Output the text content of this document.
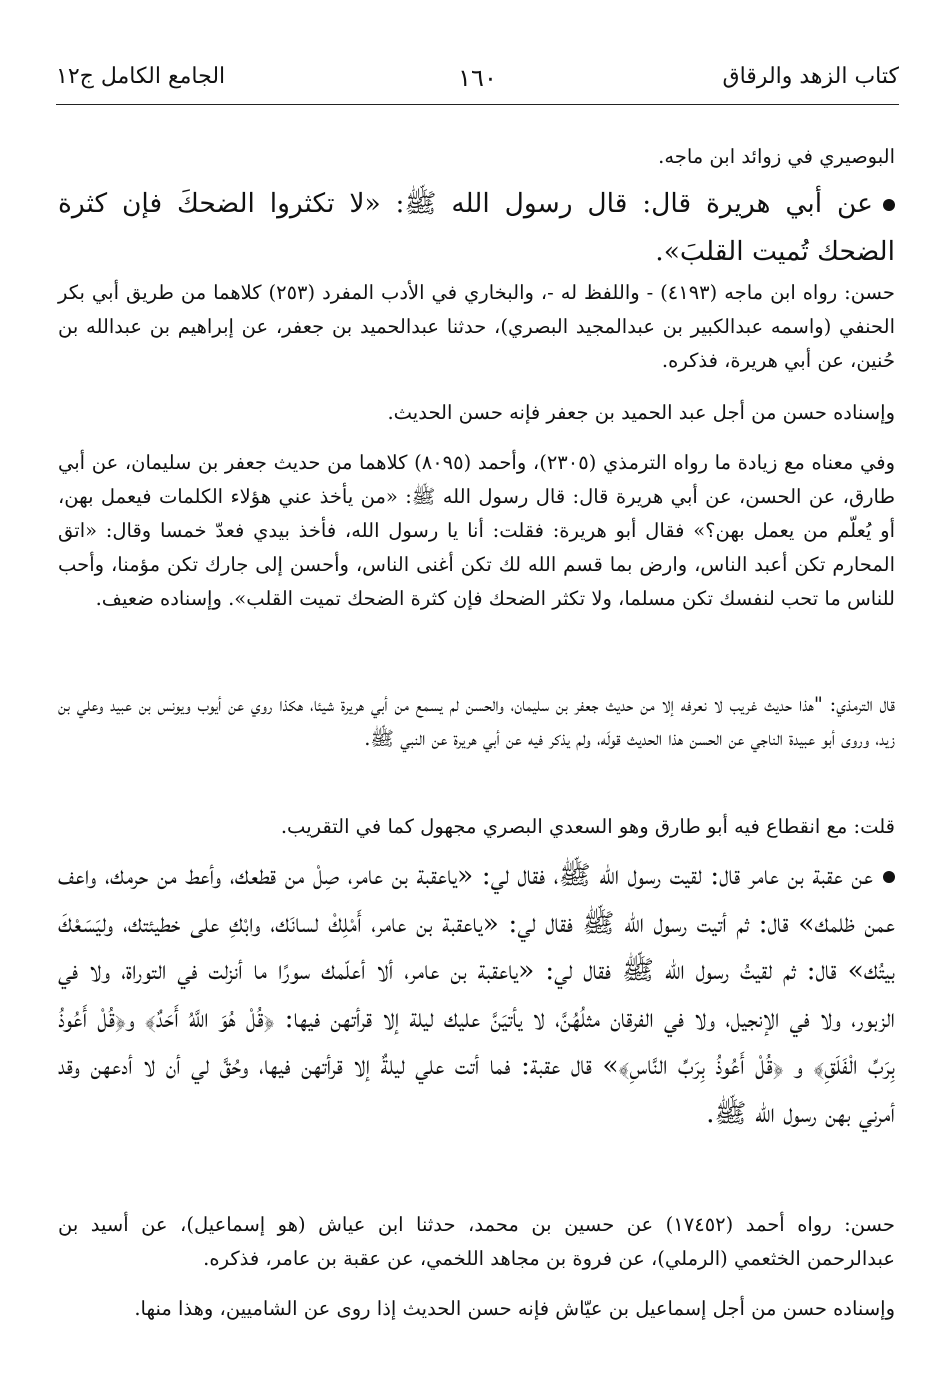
كتاب الزهد والرقاق
١٦٠
الجامع الكامل ج١٢
البوصيري في زوائد ابن ماجه.
عن أبي هريرة قال: قال رسول الله ﷺ: «لا تكثروا الضحكَ فإن كثرة الضحك تُميت القلبَ».
حسن: رواه ابن ماجه (٤١٩٣) - واللفظ له -، والبخاري في الأدب المفرد (٢٥٣) كلاهما من طريق أبي بكر الحنفي (واسمه عبدالكبير بن عبدالمجيد البصري)، حدثنا عبدالحميد بن جعفر، عن إبراهيم بن عبدالله بن حُنين، عن أبي هريرة، فذكره.
وإسناده حسن من أجل عبد الحميد بن جعفر فإنه حسن الحديث.
وفي معناه مع زيادة ما رواه الترمذي (٢٣٠٥)، وأحمد (٨٠٩٥) كلاهما من حديث جعفر بن سليمان، عن أبي طارق، عن الحسن، عن أبي هريرة قال: قال رسول الله ﷺ: «من يأخذ عني هؤلاء الكلمات فيعمل بهن، أو يُعلّم من يعمل بهن؟» فقال أبو هريرة: فقلت: أنا يا رسول الله، فأخذ بيدي فعدّ خمسا وقال: «اتق المحارم تكن أعبد الناس، وارض بما قسم الله لك تكن أغنى الناس، وأحسن إلى جارك تكن مؤمنا، وأحب للناس ما تحب لنفسك تكن مسلما، ولا تكثر الضحك فإن كثرة الضحك تميت القلب». وإسناده ضعيف.
قال الترمذي: "هذا حديث غريب لا نعرفه إلا من حديث جعفر بن سليمان، والحسن لم يسمع من أبي هريرة شيئا، هكذا روي عن أيوب ويونس بن عبيد وعلي بن زيد، وروى أبو عبيدة الناجي عن الحسن هذا الحديث قولَه، ولم يذكر فيه عن أبي هريرة عن النبي ﷺ.
قلت: مع انقطاع فيه أبو طارق وهو السعدي البصري مجهول كما في التقريب.
عن عقبة بن عامر قال: لقيت رسول الله ﷺ، فقال لي: «ياعقبة بن عامر، صِلْ من قطعك، وأعط من حرمك، واعف عمن ظلمك» قال: ثم أتيت رسول الله ﷺ فقال لي: «ياعقبة بن عامر، أَمْلِكْ لسانَك، وابْكِ على خطيئتك، وليَسَعْكَ بيتُك» قال: ثم لقيتُ رسول الله ﷺ فقال لي: «ياعقبة بن عامر، ألا أعلّمك سورًا ما أنزلت في التوراة، ولا في الزبور، ولا في الإنجيل، ولا في الفرقان مثلُهُنَّ، لا يأتيَنَّ عليك ليلة إلا قرأتهن فيها: ﴿قُلْ هُوَ اللَّهُ أَحَدٌ﴾ و﴿قُلْ أَعُوذُ بِرَبِّ الْفَلَقِ﴾ و ﴿قُلْ أَعُوذُ بِرَبِّ النَّاسِ﴾» قال عقبة: فما أتت علي ليلةٌ إلا قرأتهن فيها، وحُقَّ لي أن لا أدعهن وقد أمرني بهن رسول الله ﷺ.
حسن: رواه أحمد (١٧٤٥٢) عن حسين بن محمد، حدثنا ابن عياش (هو إسماعيل)، عن أسيد بن عبدالرحمن الخثعمي (الرملي)، عن فروة بن مجاهد اللخمي، عن عقبة بن عامر، فذكره.
وإسناده حسن من أجل إسماعيل بن عيّاش فإنه حسن الحديث إذا روى عن الشاميين، وهذا منها.
